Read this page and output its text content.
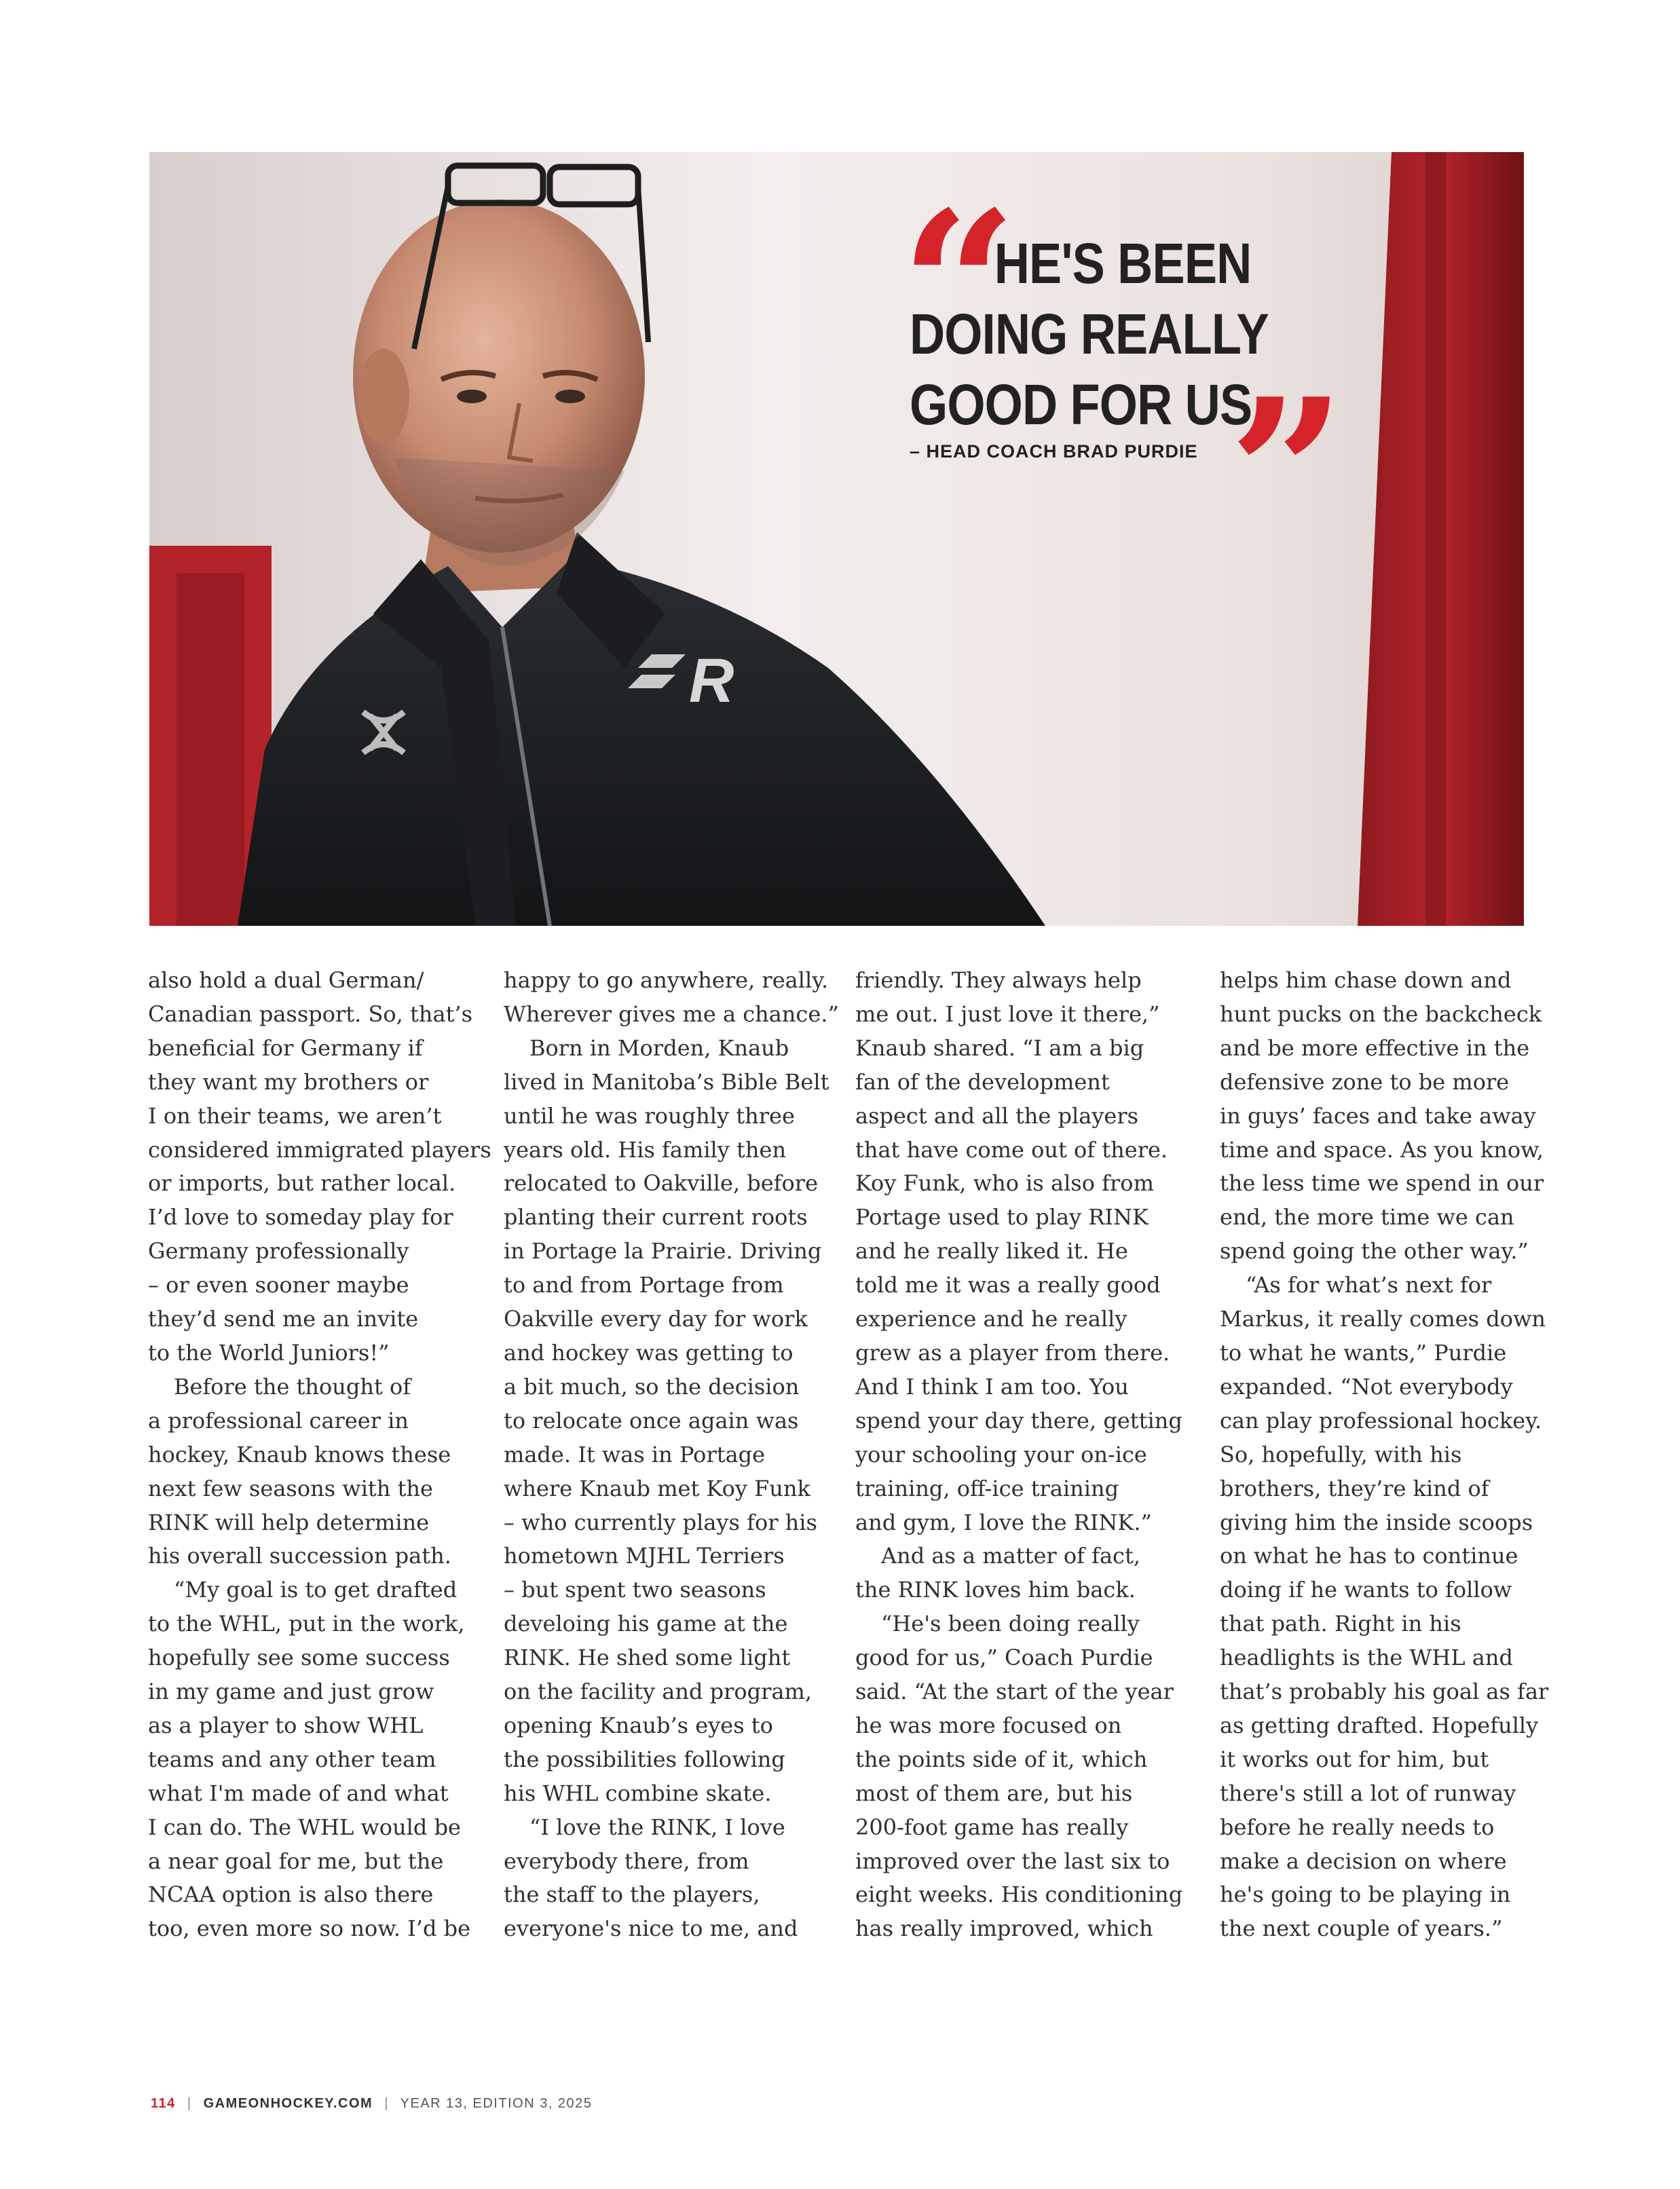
R
“
HE'S BEEN
DOING REALLY
GOOD FOR US
– HEAD COACH BRAD PURDIE ”
also hold a dual German/
Canadian passport. So, that’s
beneficial for Germany if
they want my brothers or
I on their teams, we aren’t
considered immigrated players
or imports, but rather local.
I’d love to someday play for
Germany professionally
– or even sooner maybe
they’d send me an invite
to the World Juniors!”
Before the thought of
a professional career in
hockey, Knaub knows these
next few seasons with the
RINK will help determine
his overall succession path.
“My goal is to get drafted
to the WHL, put in the work,
hopefully see some success
in my game and just grow
as a player to show WHL
teams and any other team
what I'm made of and what
I can do. The WHL would be
a near goal for me, but the
NCAA option is also there
too, even more so now. I’d be
happy to go anywhere, really.
Wherever gives me a chance.”
Born in Morden, Knaub
lived in Manitoba’s Bible Belt
until he was roughly three
years old. His family then
relocated to Oakville, before
planting their current roots
in Portage la Prairie. Driving
to and from Portage from
Oakville every day for work
and hockey was getting to
a bit much, so the decision
to relocate once again was
made. It was in Portage
where Knaub met Koy Funk
– who currently plays for his
hometown MJHL Terriers
– but spent two seasons
develoing his game at the
RINK. He shed some light
on the facility and program,
opening Knaub’s eyes to
the possibilities following
his WHL combine skate.
“I love the RINK, I love
everybody there, from
the staff to the players,
everyone's nice to me, and
friendly. They always help
me out. I just love it there,”
Knaub shared. “I am a big
fan of the development
aspect and all the players
that have come out of there.
Koy Funk, who is also from
Portage used to play RINK
and he really liked it. He
told me it was a really good
experience and he really
grew as a player from there.
And I think I am too. You
spend your day there, getting
your schooling your on-ice
training, off-ice training
and gym, I love the RINK.”
And as a matter of fact,
the RINK loves him back.
“He's been doing really
good for us,” Coach Purdie
said. “At the start of the year
he was more focused on
the points side of it, which
most of them are, but his
200-foot game has really
improved over the last six to
eight weeks. His conditioning
has really improved, which
helps him chase down and
hunt pucks on the backcheck
and be more effective in the
defensive zone to be more
in guys’ faces and take away
time and space. As you know,
the less time we spend in our
end, the more time we can
spend going the other way.”
“As for what’s next for
Markus, it really comes down
to what he wants,” Purdie
expanded. “Not everybody
can play professional hockey.
So, hopefully, with his
brothers, they’re kind of
giving him the inside scoops
on what he has to continue
doing if he wants to follow
that path. Right in his
headlights is the WHL and
that’s probably his goal as far
as getting drafted. Hopefully
it works out for him, but
there's still a lot of runway
before he really needs to
make a decision on where
he's going to be playing in
the next couple of years.”
114 | GAMEONHOCKEY.COM | YEAR 13, EDITION 3, 2025
